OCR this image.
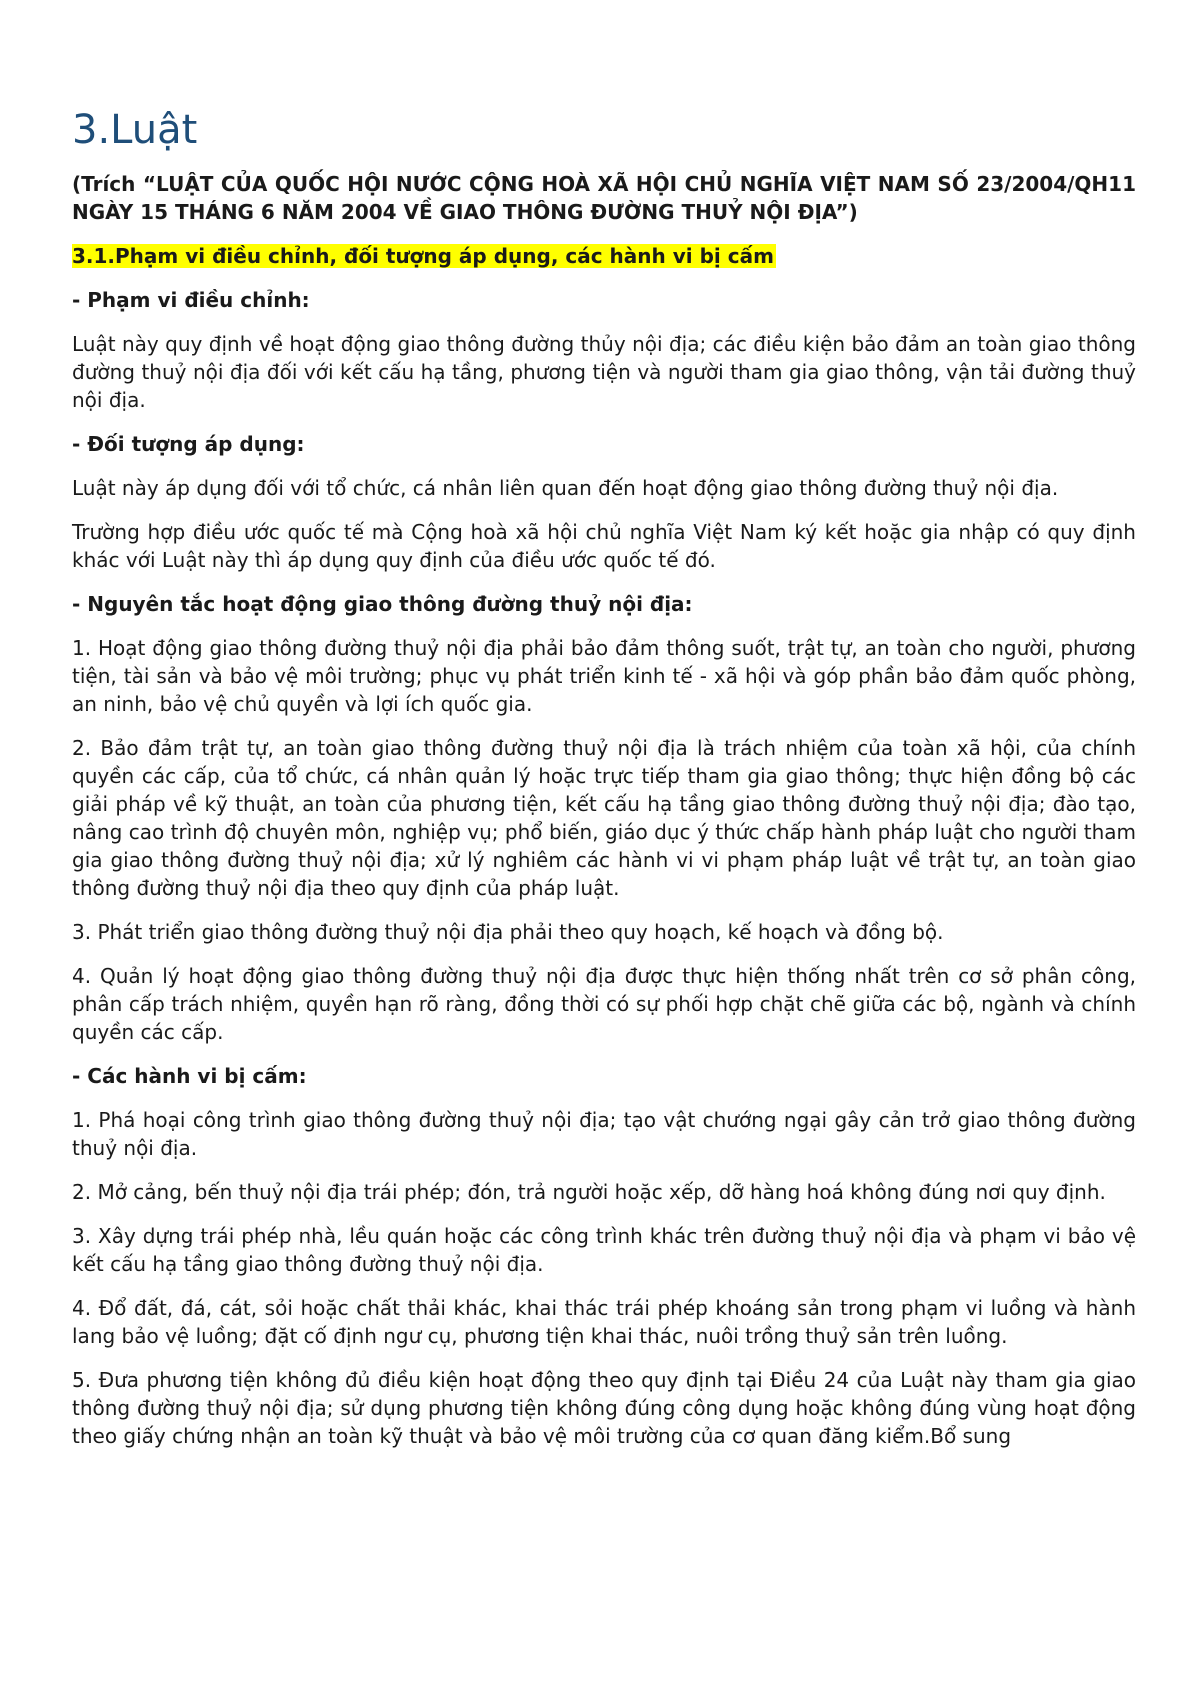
3.Luật

(Trích “LUẬT CỦA QUỐC HỘI NƯỚC CỘNG HOÀ XÃ HỘI CHỦ NGHĨA VIỆT NAM SỐ 23/2004/QH11 NGÀY 15 THÁNG 6 NĂM 2004 VỀ GIAO THÔNG ĐƯỜNG THUỶ NỘI ĐỊA”)

3.1.Phạm vi điều chỉnh, đối tượng áp dụng, các hành vi bị cấm
- Phạm vi điều chỉnh:

Luật này quy định về hoạt động giao thông đường thủy nội địa; các điều kiện bảo đảm an toàn giao thông đường thuỷ nội địa đối với kết cấu hạ tầng, phương tiện và người tham gia giao thông, vận tải đường thuỷ nội địa.

- Đối tượng áp dụng:

Luật này áp dụng đối với tổ chức, cá nhân liên quan đến hoạt động giao thông đường thuỷ nội địa.

Trường hợp điều ước quốc tế mà Cộng hoà xã hội chủ nghĩa Việt Nam ký kết hoặc gia nhập có quy định khác với Luật này thì áp dụng quy định của điều ước quốc tế đó.

- Nguyên tắc hoạt động giao thông đường thuỷ nội địa:

1. Hoạt động giao thông đường thuỷ nội địa phải bảo đảm thông suốt, trật tự, an toàn cho người, phương tiện, tài sản và bảo vệ môi trường; phục vụ phát triển kinh tế - xã hội và góp phần bảo đảm quốc phòng, an ninh, bảo vệ chủ quyền và lợi ích quốc gia.

2. Bảo đảm trật tự, an toàn giao thông đường thuỷ nội địa là trách nhiệm của toàn xã hội, của chính quyền các cấp, của tổ chức, cá nhân quản lý hoặc trực tiếp tham gia giao thông; thực hiện đồng bộ các giải pháp về kỹ thuật, an toàn của phương tiện, kết cấu hạ tầng giao thông đường thuỷ nội địa; đào tạo, nâng cao trình độ chuyên môn, nghiệp vụ; phổ biến, giáo dục ý thức chấp hành pháp luật cho người tham gia giao thông đường thuỷ nội địa; xử lý nghiêm các hành vi vi phạm pháp luật về trật tự, an toàn giao thông đường thuỷ nội địa theo quy định của pháp luật.

3. Phát triển giao thông đường thuỷ nội địa phải theo quy hoạch, kế hoạch và đồng bộ.

4. Quản lý hoạt động giao thông đường thuỷ nội địa được thực hiện thống nhất trên cơ sở phân công, phân cấp trách nhiệm, quyền hạn rõ ràng, đồng thời có sự phối hợp chặt chẽ giữa các bộ, ngành và chính quyền các cấp.

- Các hành vi bị cấm:

1. Phá hoại công trình giao thông đường thuỷ nội địa; tạo vật chướng ngại gây cản trở giao thông đường thuỷ nội địa.

2. Mở cảng, bến thuỷ nội địa trái phép; đón, trả người hoặc xếp, dỡ hàng hoá không đúng nơi quy định.

3. Xây dựng trái phép nhà, lều quán hoặc các công trình khác trên đường thuỷ nội địa và phạm vi bảo vệ kết cấu hạ tầng giao thông đường thuỷ nội địa.

4. Đổ đất, đá, cát, sỏi hoặc chất thải khác, khai thác trái phép khoáng sản trong phạm vi luồng và hành lang bảo vệ luồng; đặt cố định ngư cụ, phương tiện khai thác, nuôi trồng thuỷ sản trên luồng.

5. Đưa phương tiện không đủ điều kiện hoạt động theo quy định tại Điều 24 của Luật này tham gia giao thông đường thuỷ nội địa; sử dụng phương tiện không đúng công dụng hoặc không đúng vùng hoạt động theo giấy chứng nhận an toàn kỹ thuật và bảo vệ môi trường của cơ quan đăng kiểm.Bổ sung
